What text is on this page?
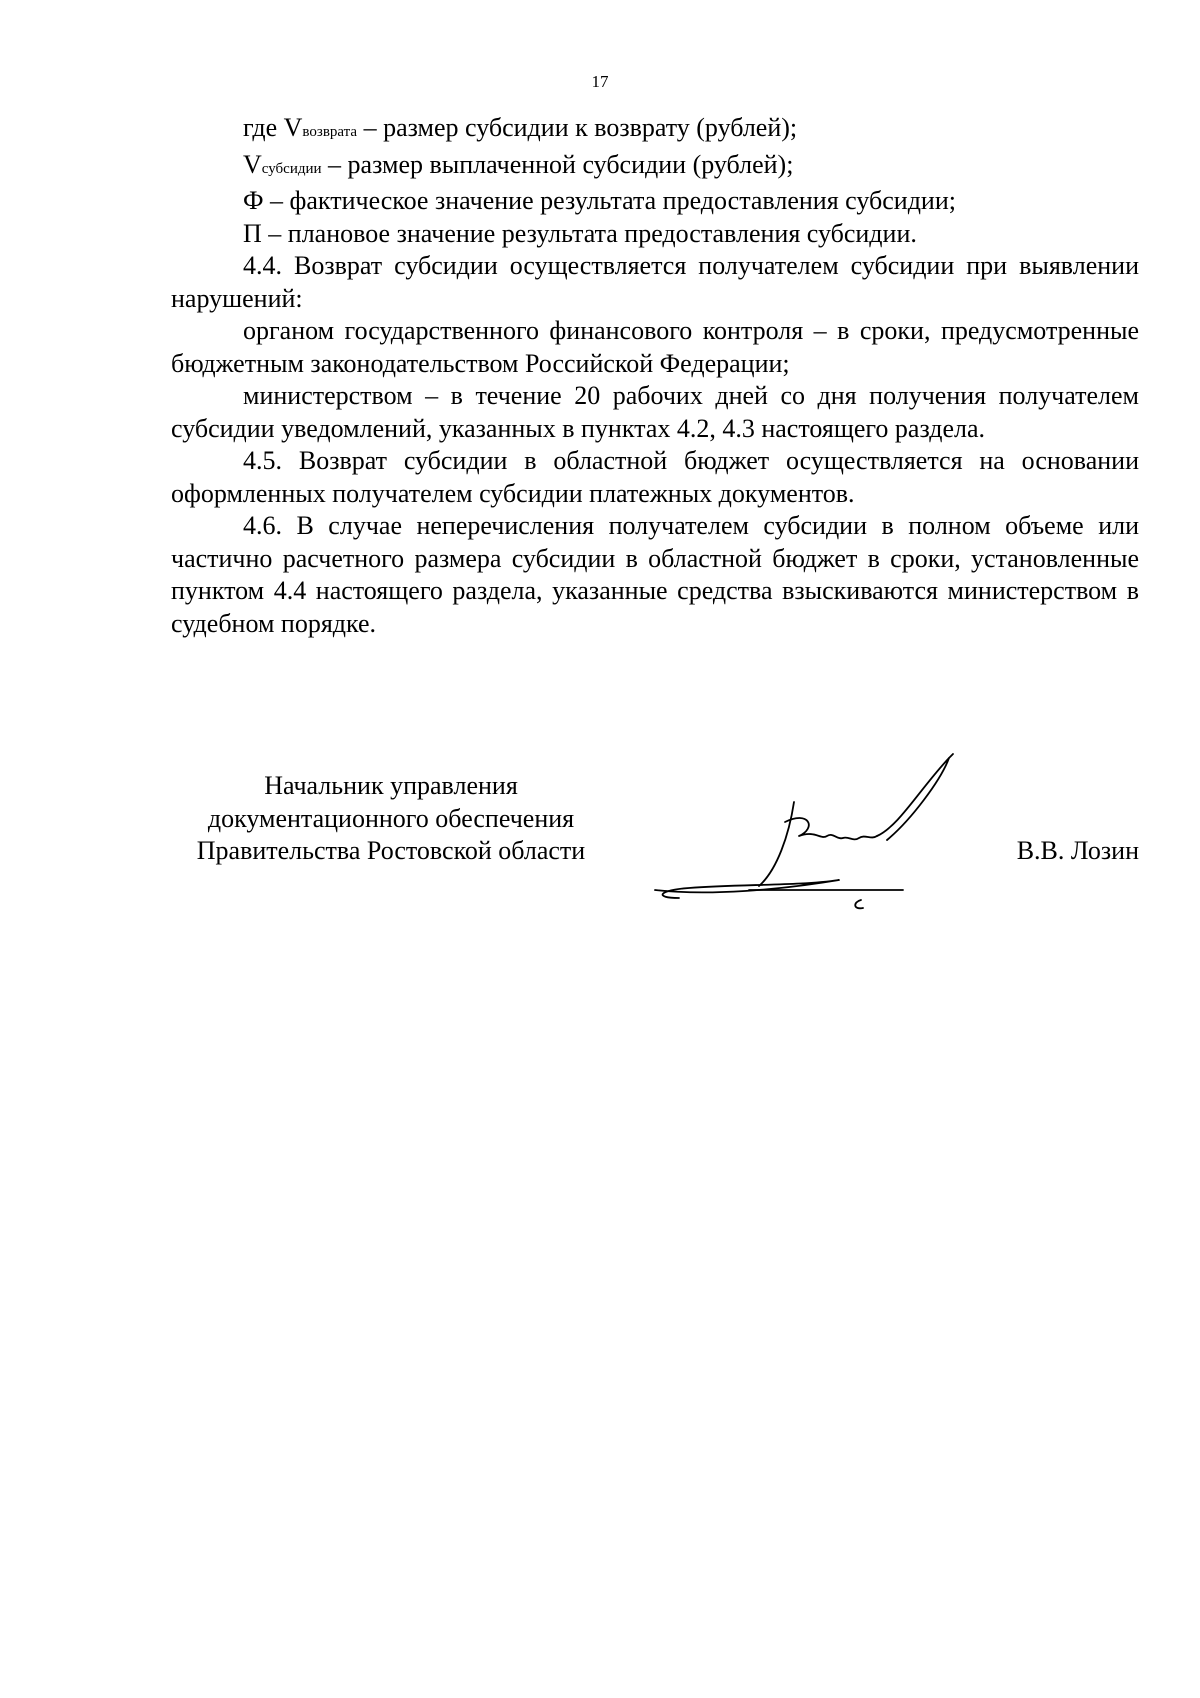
17

где Vвозврата – размер субсидии к возврату (рублей);

Vсубсидии – размер выплаченной субсидии (рублей);

Ф – фактическое значение результата предоставления субсидии;

П – плановое значение результата предоставления субсидии.

4.4. Возврат субсидии осуществляется получателем субсидии при выявлении нарушений:

органом государственного финансового контроля – в сроки, предусмотренные бюджетным законодательством Российской Федерации;

министерством – в течение 20 рабочих дней со дня получения получателем субсидии уведомлений, указанных в пунктах 4.2, 4.3 настоящего раздела.

4.5. Возврат субсидии в областной бюджет осуществляется на основании оформленных получателем субсидии платежных документов.

4.6. В случае неперечисления получателем субсидии в полном объеме или частично расчетного размера субсидии в областной бюджет в сроки, установленные пунктом 4.4 настоящего раздела, указанные средства взыскиваются министерством в судебном порядке.

Начальник управления
документационного обеспечения
Правительства Ростовской области	В.В. Лозин
